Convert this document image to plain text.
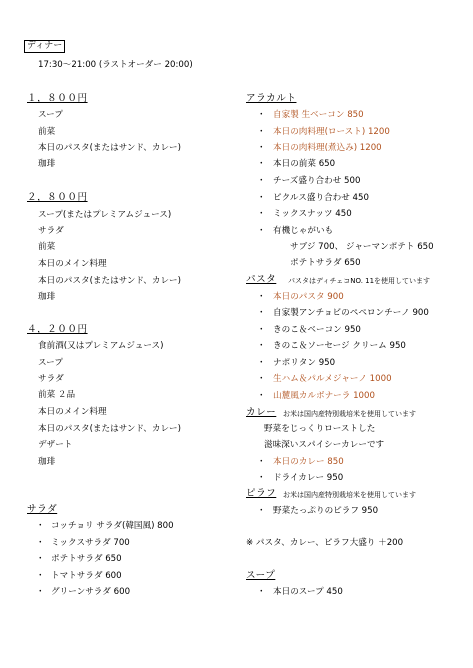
ディナー
17:30〜21:00 (ラストオーダー 20:00)
１，８００円
スープ
前菜
本日のパスタ(またはサンド、カレー)
珈琲
２，８００円
スープ(またはプレミアムジュース)
サラダ
前菜
本日のメイン料理
本日のパスタ(またはサンド、カレー)
珈琲
４，２００円
食前酒(又はプレミアムジュース)
スープ
サラダ
前菜 ２品
本日のメイン料理
本日のパスタ(またはサンド、カレー)
デザート
珈琲
サラダ
・ コッチョリ サラダ(韓国風) 800
・ ミックスサラダ 700
・ ポテトサラダ 650
・ トマトサラダ 600
・ グリーンサラダ 600
アラカルト
・ 自家製 生ベーコン 850
・ 本日の肉料理(ロースト) 1200
・ 本日の肉料理(煮込み) 1200
・ 本日の前菜 650
・ チーズ盛り合わせ 500
・ ピクルス盛り合わせ 450
・ ミックスナッツ 450
・ 有機じゃがいも
サブジ 700、 ジャーマンポテト 650
ポテトサラダ 650
パスタ パスタはディチェコNO. 11を使用しています
・ 本日のパスタ 900
・ 自家製アンチョビのペペロンチーノ 900
・ きのこ＆ベーコン 950
・ きのこ＆ソーセージ クリーム 950
・ ナポリタン 950
・ 生ハム＆パルメジャーノ 1000
・ 山麓風カルボナーラ 1000
カレー お米は国内産特別栽培米を使用しています
野菜をじっくりローストした
滋味深いスパイシーカレーです
・ 本日のカレー 850
・ ドライカレー 950
ピラフ お米は国内産特別栽培米を使用しています
・ 野菜たっぷりのピラフ 950
※ パスタ、カレー、ピラフ大盛り ＋200
スープ
・ 本日のスープ 450
